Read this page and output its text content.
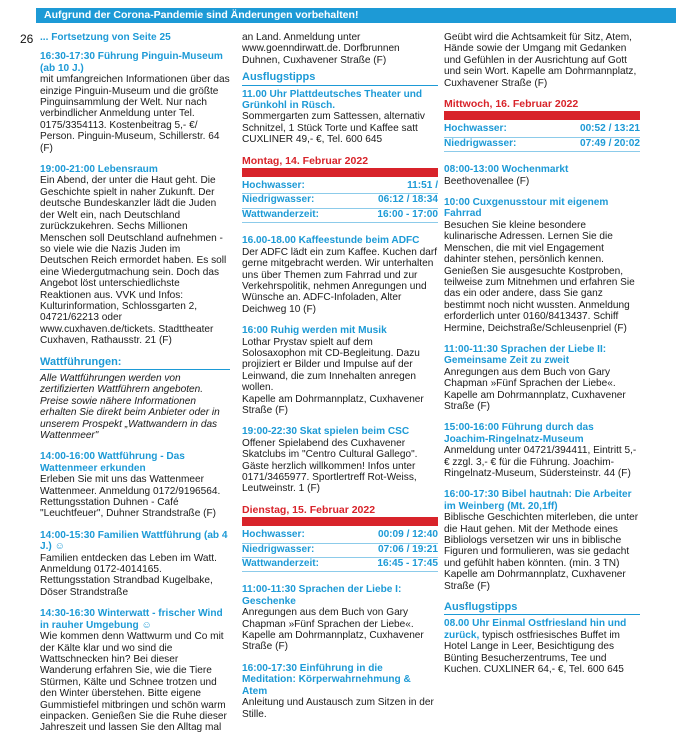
Aufgrund der Corona-Pandemie sind Änderungen vorbehalten!
26 ... Fortsetzung von Seite 25

16:30-17:30 Führung Pinguin-Museum (ab 10 J.)

mit umfangreichen Informationen über das einzige Pinguin-Museum und die größte Pinguinsammlung der Welt. Nur nach verbindlicher Anmeldung unter Tel. 0175/3354113. Kostenbeitrag 5,- €/ Person. Pinguin-Museum, Schillerstr. 64 (F)

19:00-21:00 Lebensraum

Ein Abend, der unter die Haut geht. Die Geschichte spielt in naher Zukunft. Der deutsche Bundeskanzler lädt die Juden der Welt ein, nach Deutschland zurückzukehren. Sechs Millionen Menschen soll Deutschland aufnehmen - so viele wie die Nazis Juden im Deutschen Reich ermordet haben. Es soll eine Wiedergutmachung sein. Doch das Angebot löst unterschiedlichste Reaktionen aus. VVK und Infos: Kulturinformation, Schlossgarten 2, 04721/62213 oder www.cuxhaven.de/tickets. Stadttheater Cuxhaven, Rathausstr. 21 (F)

Wattführungen:

Alle Wattführungen werden von zertifizierten Wattführern angeboten. Preise sowie nähere Informationen erhalten Sie direkt beim Anbieter oder in unserem Prospekt „Wattwandern in das Wattenmeer"

14:00-16:00 Wattführung - Das Wattenmeer erkunden

Erleben Sie mit uns das Wattenmeer Wattenmeer. Anmeldung 0172/9196564. Rettungsstation Duhnen - Café "Leuchtfeuer", Duhner Strandstraße (F)

14:00-15:30 Familien Wattführung (ab 4 J.) ☺

Familien entdecken das Leben im Watt. Anmeldung 0172-4014165. Rettungsstation Strandbad Kugelbake, Döser Strandstraße

14:30-16:30 Winterwatt - frischer Wind in rauher Umgebung ☺

Wie kommen denn Wattwurm und Co mit der Kälte klar und wo sind die Wattschnecken hin? Bei dieser Wanderung erfahren Sie, wie die Tiere Stürmen, Kälte und Schnee trotzen und den Winter überstehen. Bitte eigene Gummistiefel mitbringen und schön warm einpacken. Genießen Sie die Ruhe dieser Jahreszeit und lassen Sie den Alltag mal

an Land. Anmeldung unter www.goenndirwatt.de. Dorfbrunnen Duhnen, Cuxhavener Straße (F)

Ausflugstipps

11.00 Uhr Plattdeutsches Theater und Grünkohl in Rüsch.

Sommergarten zum Sattessen, alternativ Schnitzel, 1 Stück Torte und Kaffee satt CUXLINER 49,- €, Tel. 600 645

Montag, 14. Februar 2022
Hochwasser:	11:51 /
Niedrigwasser:	06:12 / 18:34
Wattwanderzeit:	16:00 - 17:00

16.00-18.00 Kaffeestunde beim ADFC

Der ADFC lädt ein zum Kaffee. Kuchen darf gerne mitgebracht werden. Wir unterhalten uns über Themen zum Fahrrad und zur Verkehrspolitik, nehmen Anregungen und Wünsche an. ADFC-Infoladen, Alter Deichweg 10 (F)

16:00 Ruhig werden mit Musik

Lothar Prystav spielt auf dem Solosaxophon mit CD-Begleitung. Dazu projiziert er Bilder und Impulse auf der Leinwand, die zum Innehalten anregen wollen.

Kapelle am Dohrmannplatz, Cuxhavener Straße (F)

19:00-22:30 Skat spielen beim CSC

Offener Spielabend des Cuxhavener Skatclubs im "Centro Cultural Gallego". Gäste herzlich willkommen! Infos unter 0171/3465977. Sportlertreff Rot-Weiss, Leutweinstr. 1 (F)

Dienstag, 15. Februar 2022
Hochwasser:	00:09 / 12:40
Niedrigwasser:	07:06 / 19:21
Wattwanderzeit:	16:45 - 17:45

11:00-11:30 Sprachen der Liebe I: Geschenke

Anregungen aus dem Buch von Gary Chapman »Fünf Sprachen der Liebe«.

Kapelle am Dohrmannplatz, Cuxhavener Straße (F)

16:00-17:30 Einführung in die Meditation: Körperwahrnehmung & Atem

Anleitung und Austausch zum Sitzen in der Stille.

Geübt wird die Achtsamkeit für Sitz, Atem, Hände sowie der Umgang mit Gedanken und Gefühlen in der Ausrichtung auf Gott und sein Wort. Kapelle am Dohrmannplatz, Cuxhavener Straße (F)

Mittwoch, 16. Februar 2022
Hochwasser:	00:52 / 13:21
Niedrigwasser:	07:49 / 20:02

08:00-13:00 Wochenmarkt

Beethovenallee (F)

10:00 Cuxgenusstour mit eigenem Fahrrad

Besuchen Sie kleine besondere kulinarische Adressen. Lernen Sie die Menschen, die mit viel Engagement dahinter stehen, persönlich kennen. Genießen Sie ausgesuchte Kostproben, teilweise zum Mitnehmen und erfahren Sie das ein oder andere, dass Sie ganz bestimmt noch nicht wussten. Anmeldung erforderlich unter 0160/8413437. Schiff Hermine, Deichstraße/Schleusenpriel (F)

11:00-11:30 Sprachen der Liebe II: Gemeinsame Zeit zu zweit

Anregungen aus dem Buch von Gary Chapman »Fünf Sprachen der Liebe«.

Kapelle am Dohrmannplatz, Cuxhavener Straße (F)

15:00-16:00 Führung durch das Joachim-Ringelnatz-Museum

Anmeldung unter 04721/394411, Eintritt 5,- € zzgl. 3,- € für die Führung. Joachim-Ringelnatz-Museum, Südersteinstr. 44 (F)

16:00-17:30 Bibel hautnah: Die Arbeiter im Weinberg (Mt. 20,1ff)

Biblische Geschichten miterleben, die unter die Haut gehen. Mit der Methode eines Bibliologs versetzen wir uns in biblische Figuren und formulieren, was sie gedacht und gefühlt haben könnten. (min. 3 TN)

Kapelle am Dohrmannplatz, Cuxhavener Straße (F)

Ausflugstipps

08.00 Uhr Einmal Ostfriesland hin und zurück, typisch ostfriesisches Buffet im Hotel Lange in Leer, Besichtigung des Bünting Besucherzentrums, Tee und Kuchen. CUXLINER 64,- €, Tel. 600 645
